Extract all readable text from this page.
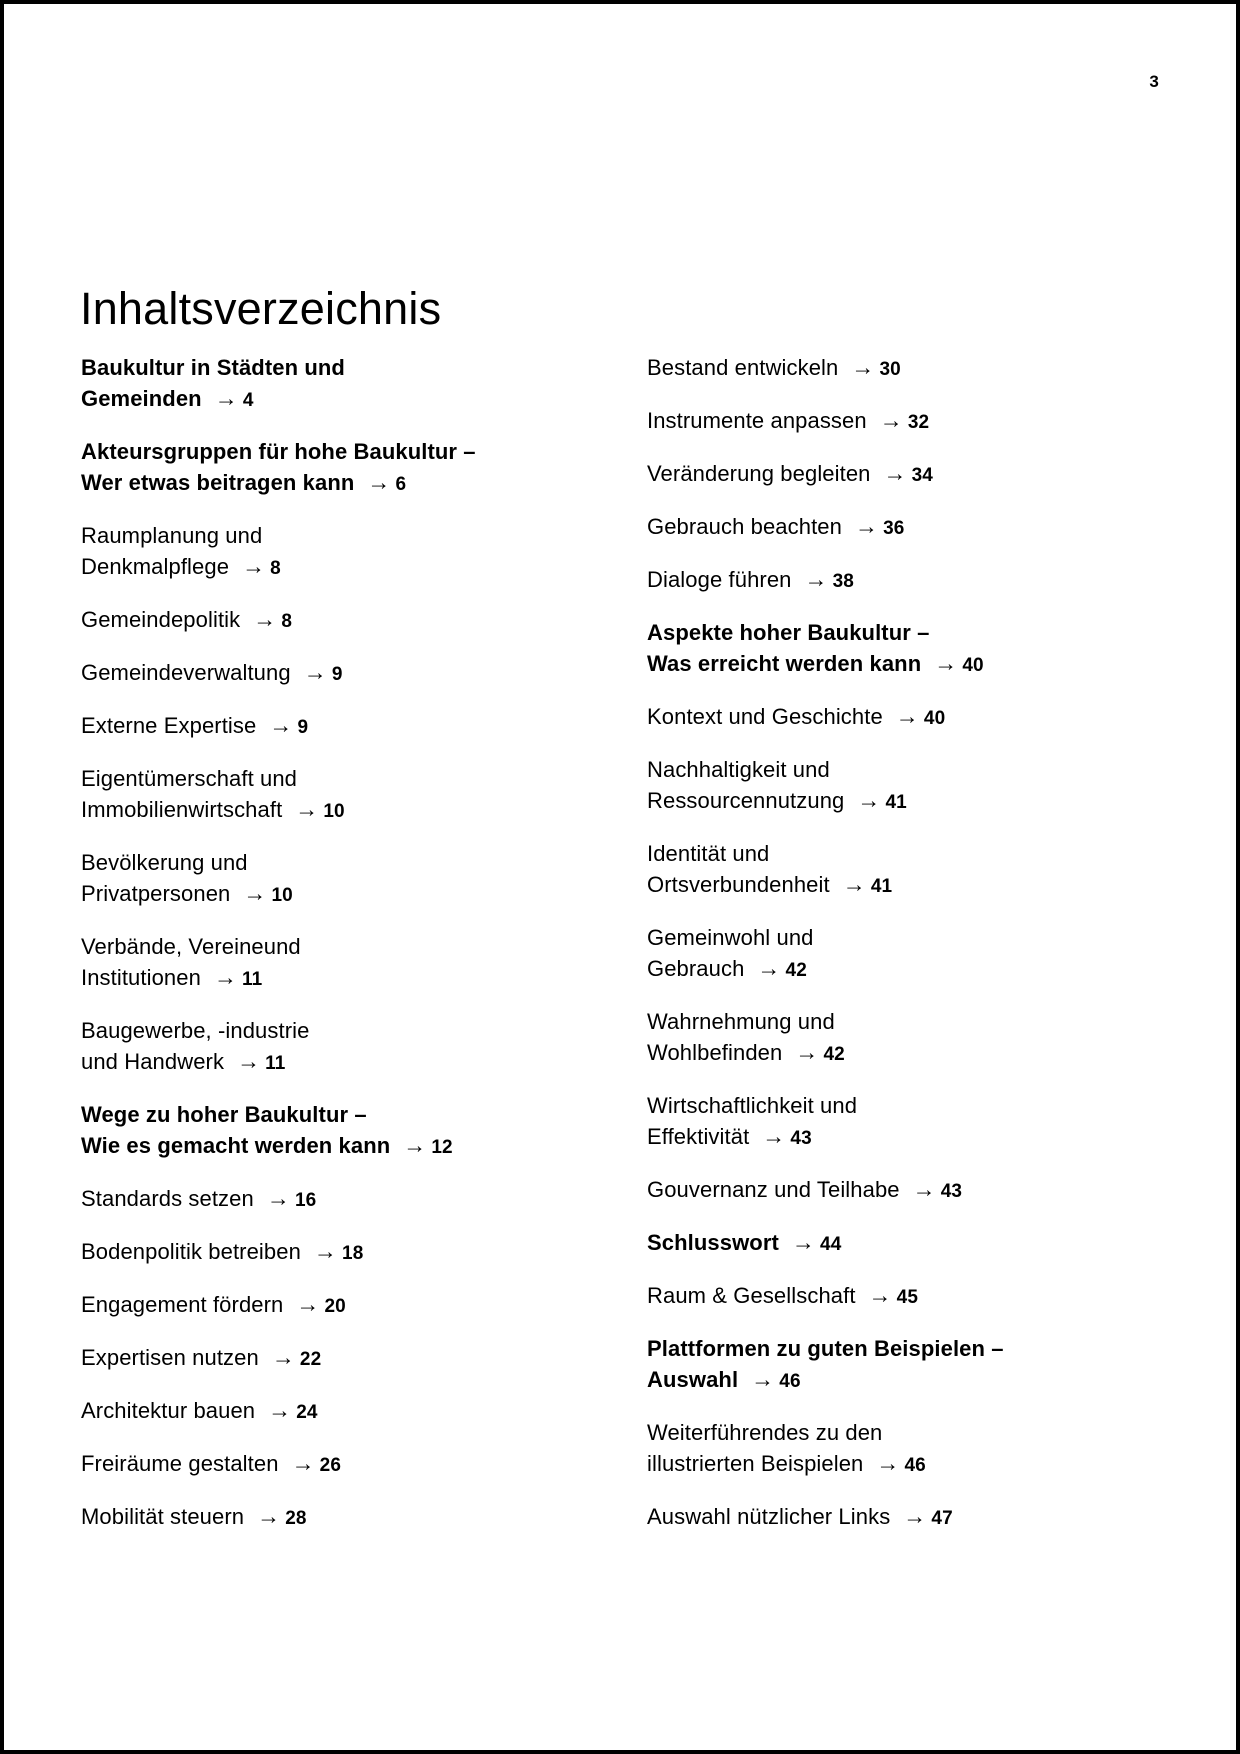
3
Inhaltsverzeichnis
Baukultur in Städten und
Gemeinden → 4
Akteursgruppen für hohe Baukultur –
Wer etwas beitragen kann → 6
Raumplanung und
Denkmalpflege → 8
Gemeindepolitik → 8
Gemeindeverwaltung → 9
Externe Expertise → 9
Eigentümerschaft und
Immobilienwirtschaft → 10
Bevölkerung und
Privatpersonen → 10
Verbände, Vereineund
Institutionen → 11
Baugewerbe, -industrie
und Handwerk → 11
Wege zu hoher Baukultur –
Wie es gemacht werden kann → 12
Standards setzen → 16
Bodenpolitik betreiben → 18
Engagement fördern → 20
Expertisen nutzen → 22
Architektur bauen → 24
Freiräume gestalten → 26
Mobilität steuern → 28
Bestand entwickeln → 30
Instrumente anpassen → 32
Veränderung begleiten → 34
Gebrauch beachten → 36
Dialoge führen → 38
Aspekte hoher Baukultur –
Was erreicht werden kann → 40
Kontext und Geschichte → 40
Nachhaltigkeit und
Ressourcennutzung → 41
Identität und
Ortsverbundenheit → 41
Gemeinwohl und
Gebrauch → 42
Wahrnehmung und
Wohlbefinden → 42
Wirtschaftlichkeit und
Effektivität → 43
Gouvernanz und Teilhabe → 43
Schlusswort → 44
Raum & Gesellschaft → 45
Plattformen zu guten Beispielen –
Auswahl → 46
Weiterführendes zu den
illustrierten Beispielen → 46
Auswahl nützlicher Links → 47
